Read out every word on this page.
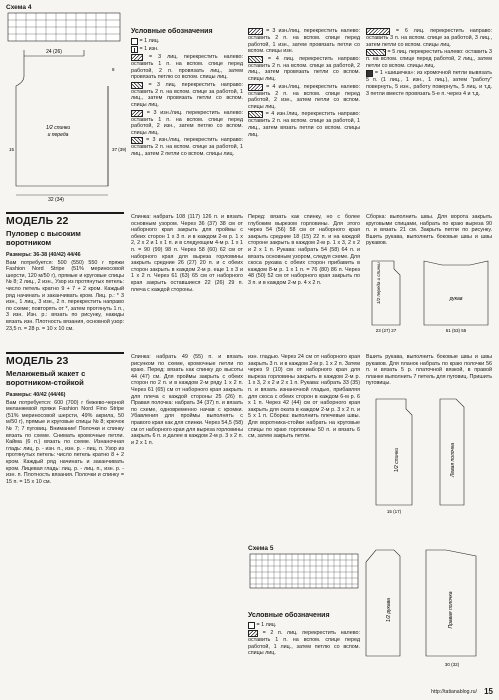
Схема 4
24 (26)
1/2 спинки
и переда
37 (39)
15
8
32 (34)
Условные обозначения

= 1 лиц.

= 1 изн.

= 3 лиц. перекрестить налево: оставить 1 п. на вспом. спице перед работой, 2 п. провязать лиц., затем провязать петлю со вспом. спицы лиц.

= 3 лиц. перекрестить направо: оставить 2 п. на вспом. спице за работой, 1 лиц., затем провязать петли со вспом. спицы лиц.

= 3 изн./лиц. перекрестить налево: оставить 1 п. на вспом. спице перед работой, 2 изн., затем петлю со вспом. спицы лиц.

= 3 изн./лиц. перекрестить направо: оставить 2 п. на вспом. спице за работой, 1 лиц., затем 2 петли со вспом. спицы лиц.

= 3 изн./лиц. перекрестить налево: оставить 2 п. на вспом. спице перед работой, 1 изн., затем провязать петли со вспом. спицы изн.

= 4 лиц. перекрестить направо: оставить 2 п. на вспом. спице за работой, 2 лиц., затем провязать петли со вспом. спицы лиц.

= 4 изн./лиц. перекрестить налево: оставить 2 п. на вспом. спице перед работой, 2 изн., затем петли со вспом. спицы лиц.

= 4 изн./лиц. перекрестить направо: оставить 2 п. на вспом. спице за работой, 1 лиц., затем вязать петли со вспом. спицы лиц.

= 6 лиц. перекрестить направо: оставить 3 п. на вспом. спице за работой, 3 лиц., затем петли со вспом. спицы лиц.

= 5 лиц. перекрестить налево: оставить 3 п. на вспом. спице перед работой, 2 лиц., затем петли со вспом. спицы лиц.

= 1 «шишечка»: из кромочной петли вывязать 5 п. (1 лиц., 1 изн., 1 лиц.), затем "работу" повернуть, 5 изн., работу повернуть, 5 лиц. и т.д. 3 петли вместе провязать 5-е п. через 4 и т.д.

МОДЕЛЬ 22
Пуловер с высоким воротником

Размеры: 36-38 (40/42) 44/46

Вам потребуется: 500 (550) 550 г пряжи Fashion Nord Stripe (51% мериносовой шерсти, 120 м/50 г), прямые и круговые спицы № 8; 2 лиц., 2 изн., Узор из протянутых петель: число петель кратно 9 + 7 + 2 кром. Каждый ряд начинать и заканчивать кром. Лиц. р.: * 3 изн., 1 лиц., 3 изн., 2 п. перекрестить направо по схеме; повторять от *, затем протянуть 1 п., 3 изн. Изн. р.: вязать по рисунку, накиды вязать изн. Плотность вязания, основной узор: 23,5 п. = 28 р. = 10 x 10 см.

Спинка: набрать 108 (117) 126 п. и вязать основным узором. Через 36 (37) 38 см от наборного края закрыть для проймы с обеих сторон 1 x 3 п. и в каждом 2-м р. 1 x 2, 2 x 2 и 1 x 1 п. и в следующем 4-м р. 1 x 1 п. = 90 (99) 98 п. Через 58 (60) 62 см от наборного края для выреза горловины закрыть средние 26 (27) 20 п. и с обеих сторон закрыть в каждом 2-м р. еще 1 x 3 и 1 x 2 п. Через 61 (63) 65 см от наборного края закрыть оставшиеся 22 (26) 29 п. плеча с каждой стороны.
Перед: вязать как спинку, но с более глубоким вырезом горловины. Для этого через 54 (56) 58 см от наборного края закрыть средние 18 (15) 22 п. и на каждой стороне закрыть в каждом 2-м р. 1 x 3, 2 x 2 и 2 x 1 п. Рукава: набрать 54 (58) 64 п. и вязать основным узором, следуя схеме. Для скоса рукава с обеих сторон прибавить в каждом 8-м р. 1 x 1 п. = 76 (80) 86 п. Через 48 (50) 52 см от наборного края закрыть по 3 п. и в каждом 2-м р. 4 x 2 п.
Сборка: выполнить швы. Для ворота закрыть круговыми спицами, набрать по краю выреза 90 п. и вязать 21 см. Закрыть петли по рисунку. Вшить рукава, выполнить боковые швы и швы рукавов.
1/2 переда и спинки	рукав
23 (27) 27	51 (53) 55
МОДЕЛЬ 23
Меланжевый жакет с воротником-стойкой

Размеры: 40/42 (44/46)

Вам потребуется: 600 (700) г бежево-черной меланжевой пряжи Fashion Nord Fino Stripe (51% мериносовой шерсти, 49% акрила, 50 м/50 г), прямые и круговые спицы № 8; крючок № 7; 7 пуговиц. Внимание! Полочки и спинку вязать по схеме. Снимать кромочные петли. Кайма (6 п.) вязать по схеме. Изнаночная гладь: лиц. р. - изн. п., изн. р. - лиц. п. Узор из протянутых петель: число петель кратно 8 + 2 кром. Каждый ряд начинать и заканчивать кром. Лицевая гладь: лиц. р. - лиц. п., изн. р. - изн. п. Плотность вязания. Полочки и спинку = 15 п. = 15 x 10 см.

Спинка: набрать 49 (55) п. и вязать рисунком по схеме, кромочные петли по краю. Перед: вязать как спинку до высоты 44 (47) см. Для проймы закрыть с обеих сторон по 2 п. и в каждом 2-м ряду 1 x 2 п. Через 61 (65) см от наборного края закрыть для плеча с каждой стороны 25 (26) п. Правая полочка: набрать 34 (37) п. и вязать по схеме, одновременно начав с кромки. Убавления для проймы выполнять с правого края как для спинки. Через 54,5 (58) см от наборного края для выреза горловины закрыть 6 п. и далее в каждом 2-м р. 3 x 2 п. и 2 x 1 п.
изн. гладью. Через 24 см от наборного края закрыть 3 п. и в каждом 2-м р. 1 x 2 п. Затем через 9 (10) см от наборного края для выреза горловины закрыть в каждом 2-м р. 1 x 3, 2 x 2 и 2 x 1 п. Рукава: набрать 33 (35) п. и вязать изнаночной гладью, прибавляя для скоса с обеих сторон в каждом 6-м р. 6 x 1 п. Через 42 (44) см от наборного края закрыть для оката в каждом 2-м р. 3 x 2 п. и 5 x 1 п. Сборка: выполнить плечевые швы. Для воротника-стойки набрать на круговые спицы по краю горловины 50 п. и вязать 6 см, затем закрыть петли.
Вшить рукава, выполнить боковые швы и швы рукавов. Для планок набрать по краю полочки 56 п. и вязать 5 р. платочной вязкой, в правой планке выполнить 7 петель для пуговиц. Пришить пуговицы.
1/2 спинки	Левая полочка
15 (17)
Схема 5
Условные обозначения

= 1 лиц.

= 2 п. лиц. перекрестить налево: оставить 1 п. на вспом. спице перед работой, 1 лиц., затем петлю со вспом. спицы лиц.

1/2 рукава	Правая полочка
30 (32)
http://tatianablog.ru/ 15
